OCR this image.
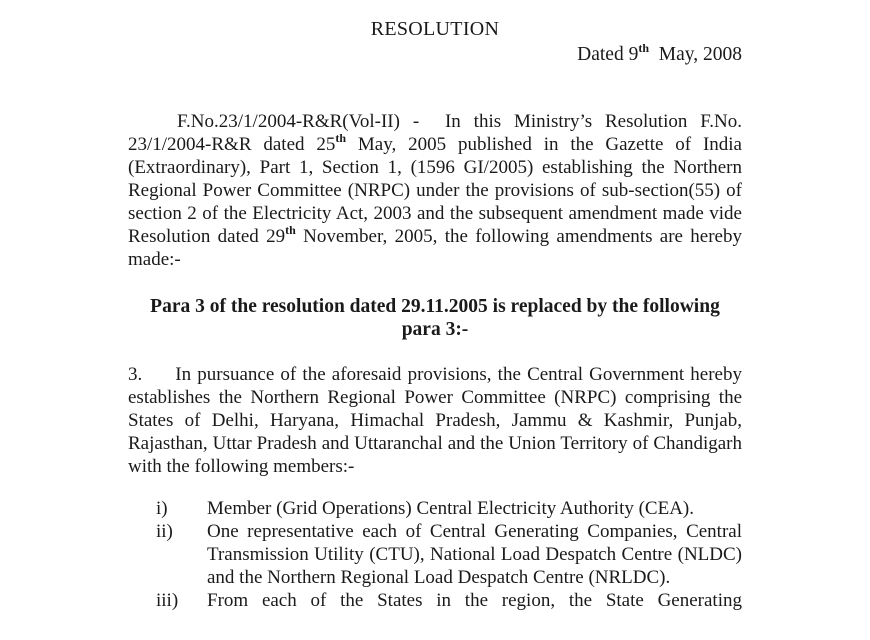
RESOLUTION
Dated 9th  May, 2008

F.No.23/1/2004-R&R(Vol-II) -  In this Ministry’s Resolution F.No. 23/1/2004-R&R dated 25th May, 2005 published in the Gazette of India (Extraordinary), Part 1, Section 1, (1596 GI/2005) establishing the Northern Regional Power Committee (NRPC) under the provisions of sub-section(55) of section 2 of the Electricity Act, 2003 and the subsequent amendment made vide Resolution dated 29th November, 2005, the following amendments are hereby made:-

Para 3 of the resolution dated 29.11.2005 is replaced by the following
para 3:-

3. In pursuance of the aforesaid provisions, the Central Government hereby establishes the Northern Regional Power Committee (NRPC) comprising the States of Delhi, Haryana, Himachal Pradesh, Jammu & Kashmir, Punjab, Rajasthan, Uttar Pradesh and Uttaranchal and the Union Territory of Chandigarh with the following members:-

i)	Member (Grid Operations) Central Electricity Authority (CEA).
ii)	One representative each of Central Generating Companies, Central Transmission Utility (CTU), National Load Despatch Centre (NLDC) and the Northern Regional Load Despatch Centre (NRLDC).
iii)	From each of the States in the region, the State Generating
